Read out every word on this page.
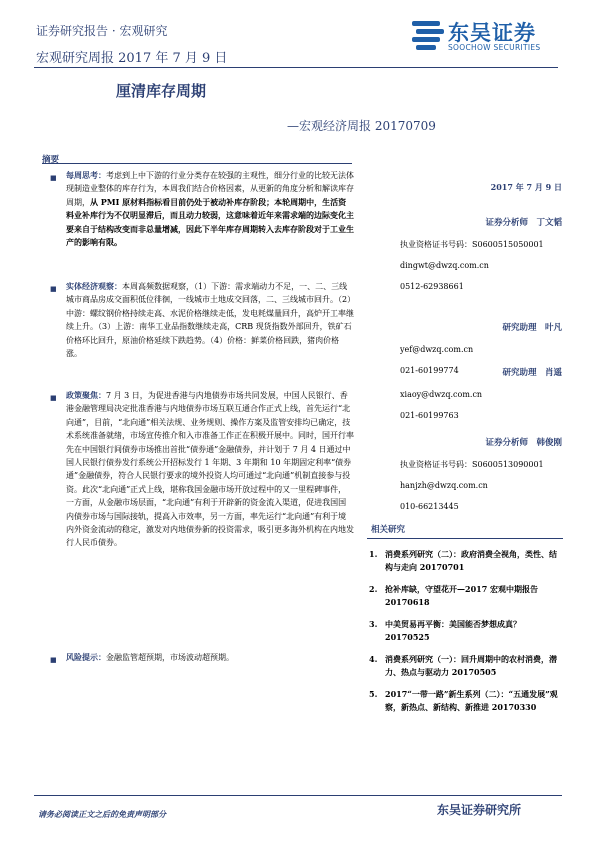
证券研究报告 · 宏观研究
宏观研究周报 2017 年 7 月 9 日
东吴证券
SOOCHOW SECURITIES
厘清库存周期
—宏观经济周报 20170709
摘要
■ 每周思考：考虑到上中下游的行业分类存在较强的主观性，细分行业的比较无法体现制造业整体的库存行为，本周我们结合价格因素，从更新的角度分析和解读库存周期，从 PMI 原材料指标看目前仍处于被动补库存阶段；本轮周期中，生活资料业补库行为不仅明显滞后，而且动力较弱，这意味着近年来需求端的边际变化主要来自于结构改变而非总量增减，因此下半年库存周期转入去库存阶段对于工业生产的影响有限。
■ 实体经济观察：本周高频数据观察，（1）下游：需求端动力不足，一、二、三线城市商品房成交面积低位徘徊，一线城市土地成交回落，二、三线城市回升。（2）中游：螺纹钢价格持续走高、水泥价格继续走低，发电耗煤量回升，高炉开工率继续上升。（3）上游：南华工业品指数继续走高，CRB 现货指数外部回升，铁矿石价格环比回升，原油价格延续下跌趋势。（4）价格：鲜菜价格回跌，猪肉价格涨。
■ 政策聚焦：7 月 3 日，为促进香港与内地债券市场共同发展，中国人民银行、香港金融管理局决定批准香港与内地债券市场互联互通合作正式上线，首先运行“北向通”，目前，“北向通”相关法规、业务规则、操作方案及监管安排均已确定，技术系统准备就绪，市场宣传推介和入市准备工作正在积极开展中。同时，国开行率先在中国银行间债券市场推出首批“债券通”金融债券，并计划于 7 月 4 日通过中国人民银行债券发行系统公开招标发行 1 年期、3 年期和 10 年期固定利率“债券通”金融债券，符合人民银行要求的境外投资人均可通过“北向通”机制直接参与投资。此次“北向通”正式上线，堪称我国金融市场开放过程中的又一里程碑事件，一方面，从金融市场层面，“北向通”有利于开辟新的资金流入渠道，促进我国国内债券市场与国际接轨，提高入市效率，另一方面，率先运行“北向通”有利于境内外资金流动的稳定，激发对内地债券新的投资需求，吸引更多海外机构在内地发行人民币债券。
■ 风险提示：金融监管超预期，市场波动超预期。
2017 年 7 月 9 日
证券分析师　丁文韬
执业资格证书号码：S0600515050001
dingwt@dwzq.com.cn
0512-62938661
研究助理　叶凡
yef@dwzq.com.cn
021-60199774	研究助理　肖遥
xiaoy@dwzq.com.cn
021-60199763
证券分析师　韩俊刚
执业资格证书号码：S0600513090001
hanjzh@dwzq.com.cn
010-66213445
相关研究
1. 消费系列研究（二）：政府消费全视角，类性、结构与走向 20170701
2. 抢补库缺，守望花开—2017 宏观中期报告 20170618
3. 中美贸易再平衡：美国能否梦想成真？20170525
4. 消费系列研究（一）：回升周期中的农村消费，潜力、热点与驱动力 20170505
5. 2017“一带一路”新生系列（二）：“五通发展”观察，新热点、新结构、新推进 20170330
请务必阅读正文之后的免责声明部分	东吴证券研究所
